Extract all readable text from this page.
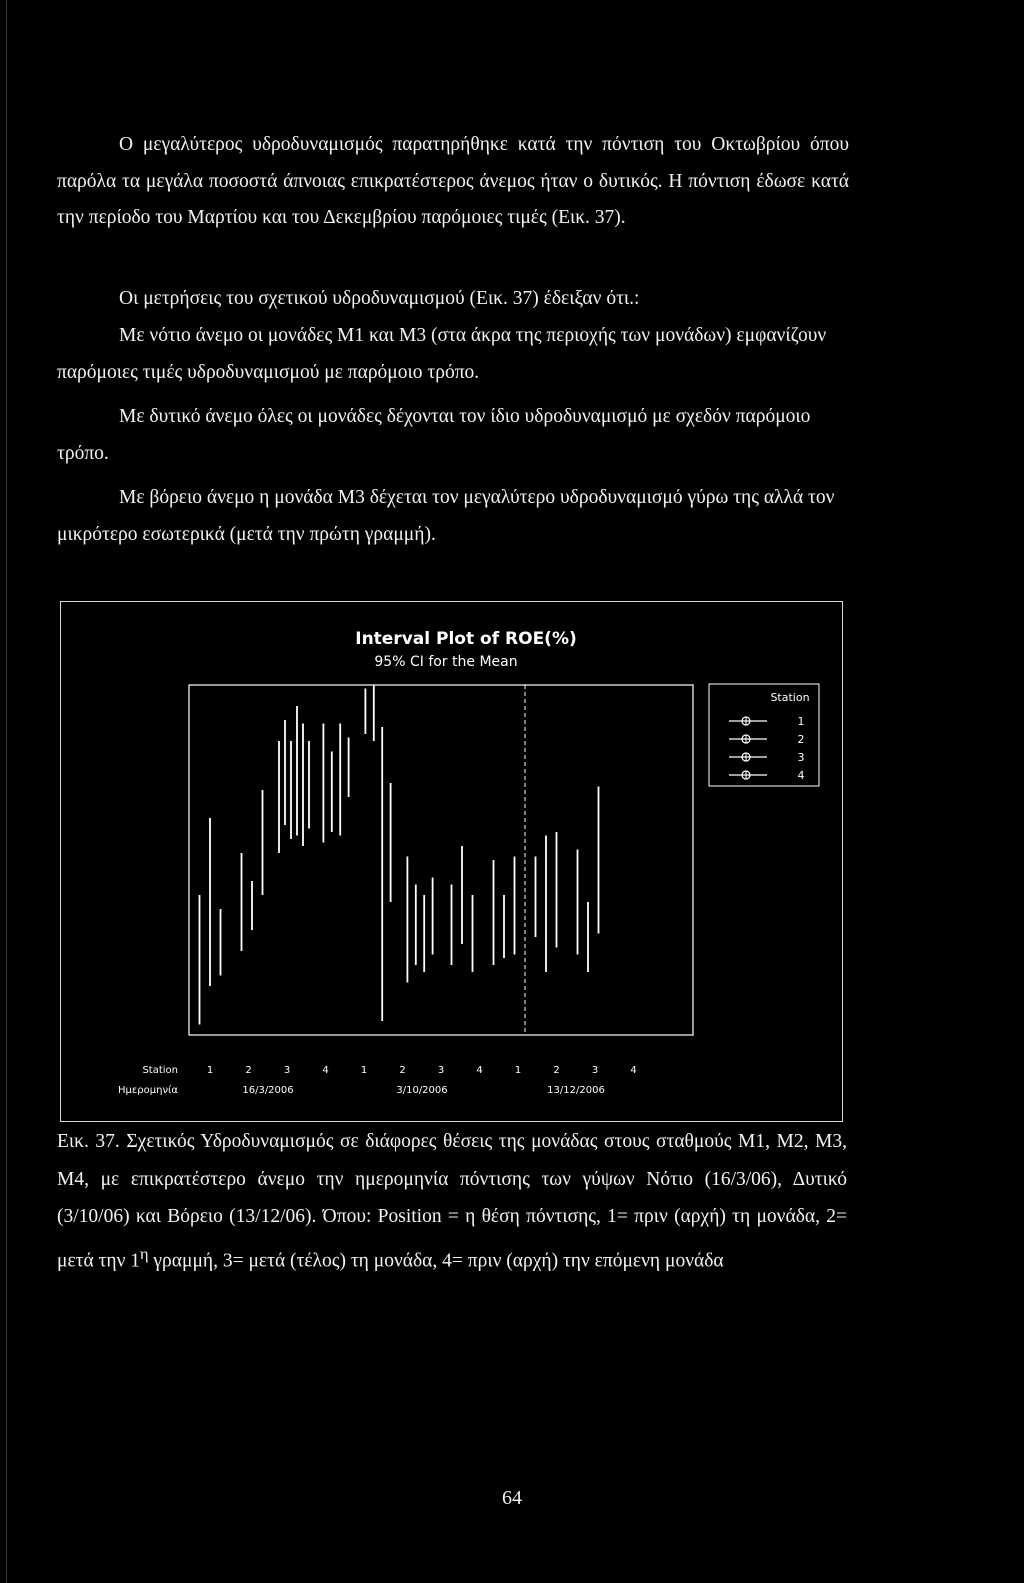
Ο μεγαλύτερος υδροδυναμισμός παρατηρήθηκε κατά την πόντιση του Οκτωβρίου όπου παρόλα τα μεγάλα ποσοστά άπνοιας επικρατέστερος άνεμος ήταν ο δυτικός. Η πόντιση έδωσε κατά την περίοδο του Μαρτίου και του Δεκεμβρίου παρόμοιες τιμές (Εικ. 37).

Οι μετρήσεις του σχετικού υδροδυναμισμού (Εικ. 37) έδειξαν ότι.:

Με νότιο άνεμο οι μονάδες Μ1 και Μ3 (στα άκρα της περιοχής των μονάδων) εμφανίζουν παρόμοιες τιμές υδροδυναμισμού με παρόμοιο τρόπο.

Με δυτικό άνεμο όλες οι μονάδες δέχονται τον ίδιο υδροδυναμισμό με σχεδόν παρόμοιο τρόπο.

Με βόρειο άνεμο η μονάδα Μ3 δέχεται τον μεγαλύτερο υδροδυναμισμό γύρω της αλλά τον μικρότερο εσωτερικά (μετά την πρώτη γραμμή).

Interval Plot of ROE(%)
95% CI for the Mean
Station
1
2
3
4
Station	1	2	3	4	1	2	3	4	1	2	3	4
Ημερομηνία	16/3/2006	3/10/2006	13/12/2006

Εικ. 37. Σχετικός Υδροδυναμισμός σε διάφορες θέσεις της μονάδας στους σταθμούς Μ1, Μ2, Μ3, Μ4, με επικρατέστερο άνεμο την ημερομηνία πόντισης των γύψων Νότιο (16/3/06), Δυτικό (3/10/06) και Βόρειο (13/12/06). Όπου: Position = η θέση πόντισης, 1= πριν (αρχή) τη μονάδα, 2= μετά την $1^\eta$ γραμμή, 3= μετά (τέλος) τη μονάδα, 4= πριν (αρχή) την επόμενη μονάδα

64
